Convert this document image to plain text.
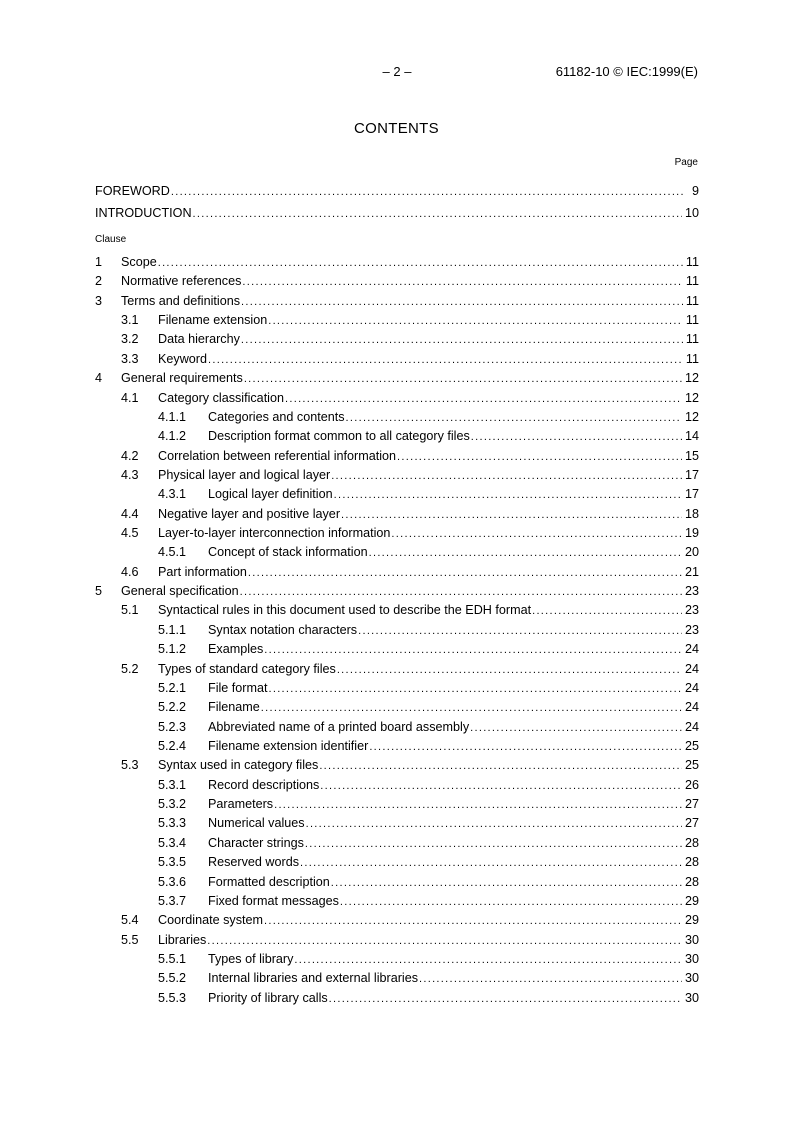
– 2 –	61182-10 © IEC:1999(E)
CONTENTS
Page
FOREWORD .....	9
INTRODUCTION .....	10
Clause
1	Scope .....	11
2	Normative references .....	11
3	Terms and definitions .....	11
3.1	Filename extension .....	11
3.2	Data hierarchy .....	11
3.3	Keyword .....	11
4	General requirements .....	12
4.1	Category classification .....	12
4.1.1	Categories and contents .....	12
4.1.2	Description format common to all category files .....	14
4.2	Correlation between referential information .....	15
4.3	Physical layer and logical layer .....	17
4.3.1	Logical layer definition .....	17
4.4	Negative layer and positive layer .....	18
4.5	Layer-to-layer interconnection information .....	19
4.5.1	Concept of stack information .....	20
4.6	Part information .....	21
5	General specification .....	23
5.1	Syntactical rules in this document used to describe the EDH format .....	23
5.1.1	Syntax notation characters .....	23
5.1.2	Examples .....	24
5.2	Types of standard category files .....	24
5.2.1	File format .....	24
5.2.2	Filename .....	24
5.2.3	Abbreviated name of a printed board assembly .....	24
5.2.4	Filename extension identifier .....	25
5.3	Syntax used in category files .....	25
5.3.1	Record descriptions .....	26
5.3.2	Parameters .....	27
5.3.3	Numerical values .....	27
5.3.4	Character strings .....	28
5.3.5	Reserved words .....	28
5.3.6	Formatted description .....	28
5.3.7	Fixed format messages .....	29
5.4	Coordinate system .....	29
5.5	Libraries .....	30
5.5.1	Types of library .....	30
5.5.2	Internal libraries and external libraries .....	30
5.5.3	Priority of library calls .....	30
